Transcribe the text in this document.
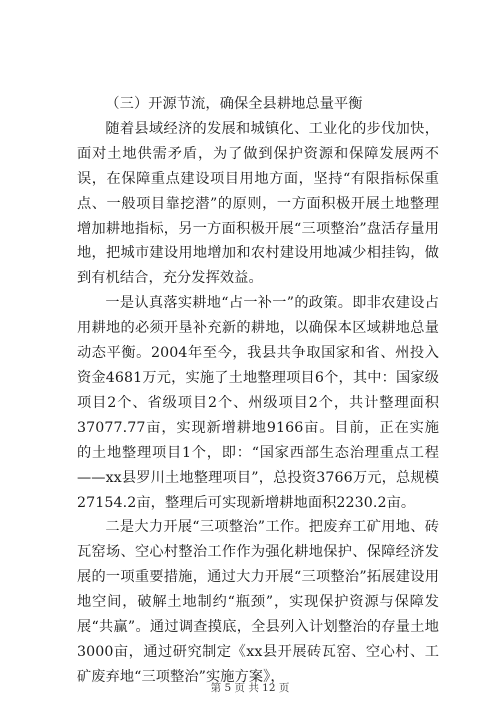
（三）开源节流，确保全县耕地总量平衡

随着县域经济的发展和城镇化、工业化的步伐加快，面对土地供需矛盾，为了做到保护资源和保障发展两不误，在保障重点建设项目用地方面，坚持“有限指标保重点、一般项目靠挖潜”的原则，一方面积极开展土地整理增加耕地指标，另一方面积极开展“三项整治”盘活存量用地，把城市建设用地增加和农村建设用地减少相挂钩，做到有机结合，充分发挥效益。

一是认真落实耕地“占一补一”的政策。即非农建设占用耕地的必须开垦补充新的耕地，以确保本区域耕地总量动态平衡。2004年至今，我县共争取国家和省、州投入资金4681万元，实施了土地整理项目6个，其中：国家级项目2个、省级项目2个、州级项目2个，共计整理面积37077.77亩，实现新增耕地9166亩。目前，正在实施的土地整理项目1个，即：“国家西部生态治理重点工程——xx县罗川土地整理项目”，总投资3766万元，总规模27154.2亩，整理后可实现新增耕地面积2230.2亩。

二是大力开展“三项整治”工作。把废弃工矿用地、砖瓦窑场、空心村整治工作作为强化耕地保护、保障经济发展的一项重要措施，通过大力开展“三项整治”拓展建设用地空间，破解土地制约“瓶颈”，实现保护资源与保障发展“共赢”。通过调查摸底，全县列入计划整治的存量土地3000亩，通过研究制定《xx县开展砖瓦窑、空心村、工矿废弃地“三项整治”实施方案》，

第 5 页 共 12 页
